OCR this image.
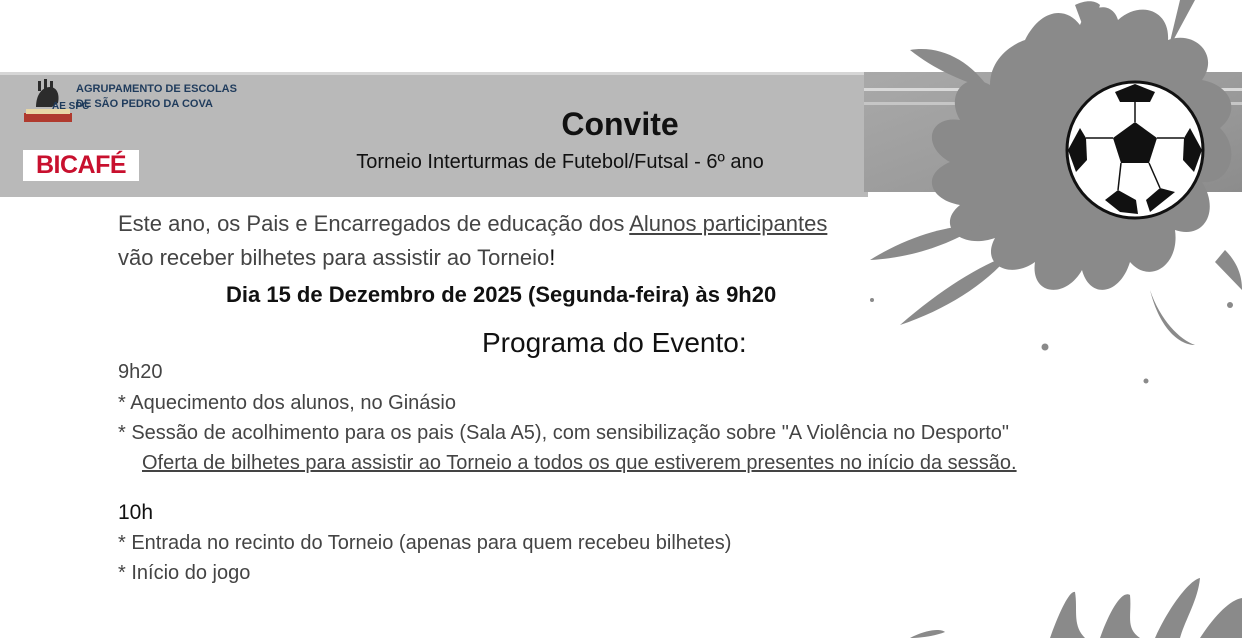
AE SPC
AGRUPAMENTO DE ESCOLAS
DE SÃO PEDRO DA COVA
BICAFÉ
Convite
Torneio Interturmas de Futebol/Futsal - 6º ano
Este ano, os Pais e Encarregados de educação dos Alunos participantes
vão receber bilhetes para assistir ao Torneio!
Dia 15 de Dezembro de 2025 (Segunda-feira) às 9h20
Programa do Evento:
9h20
* Aquecimento dos alunos, no Ginásio
* Sessão de acolhimento para os pais (Sala A5), com sensibilização sobre "A Violência no Desporto"
Oferta de bilhetes para assistir ao Torneio a todos os que estiverem presentes no início da sessão.
10h
* Entrada no recinto do Torneio (apenas para quem recebeu bilhetes)
* Início do jogo
